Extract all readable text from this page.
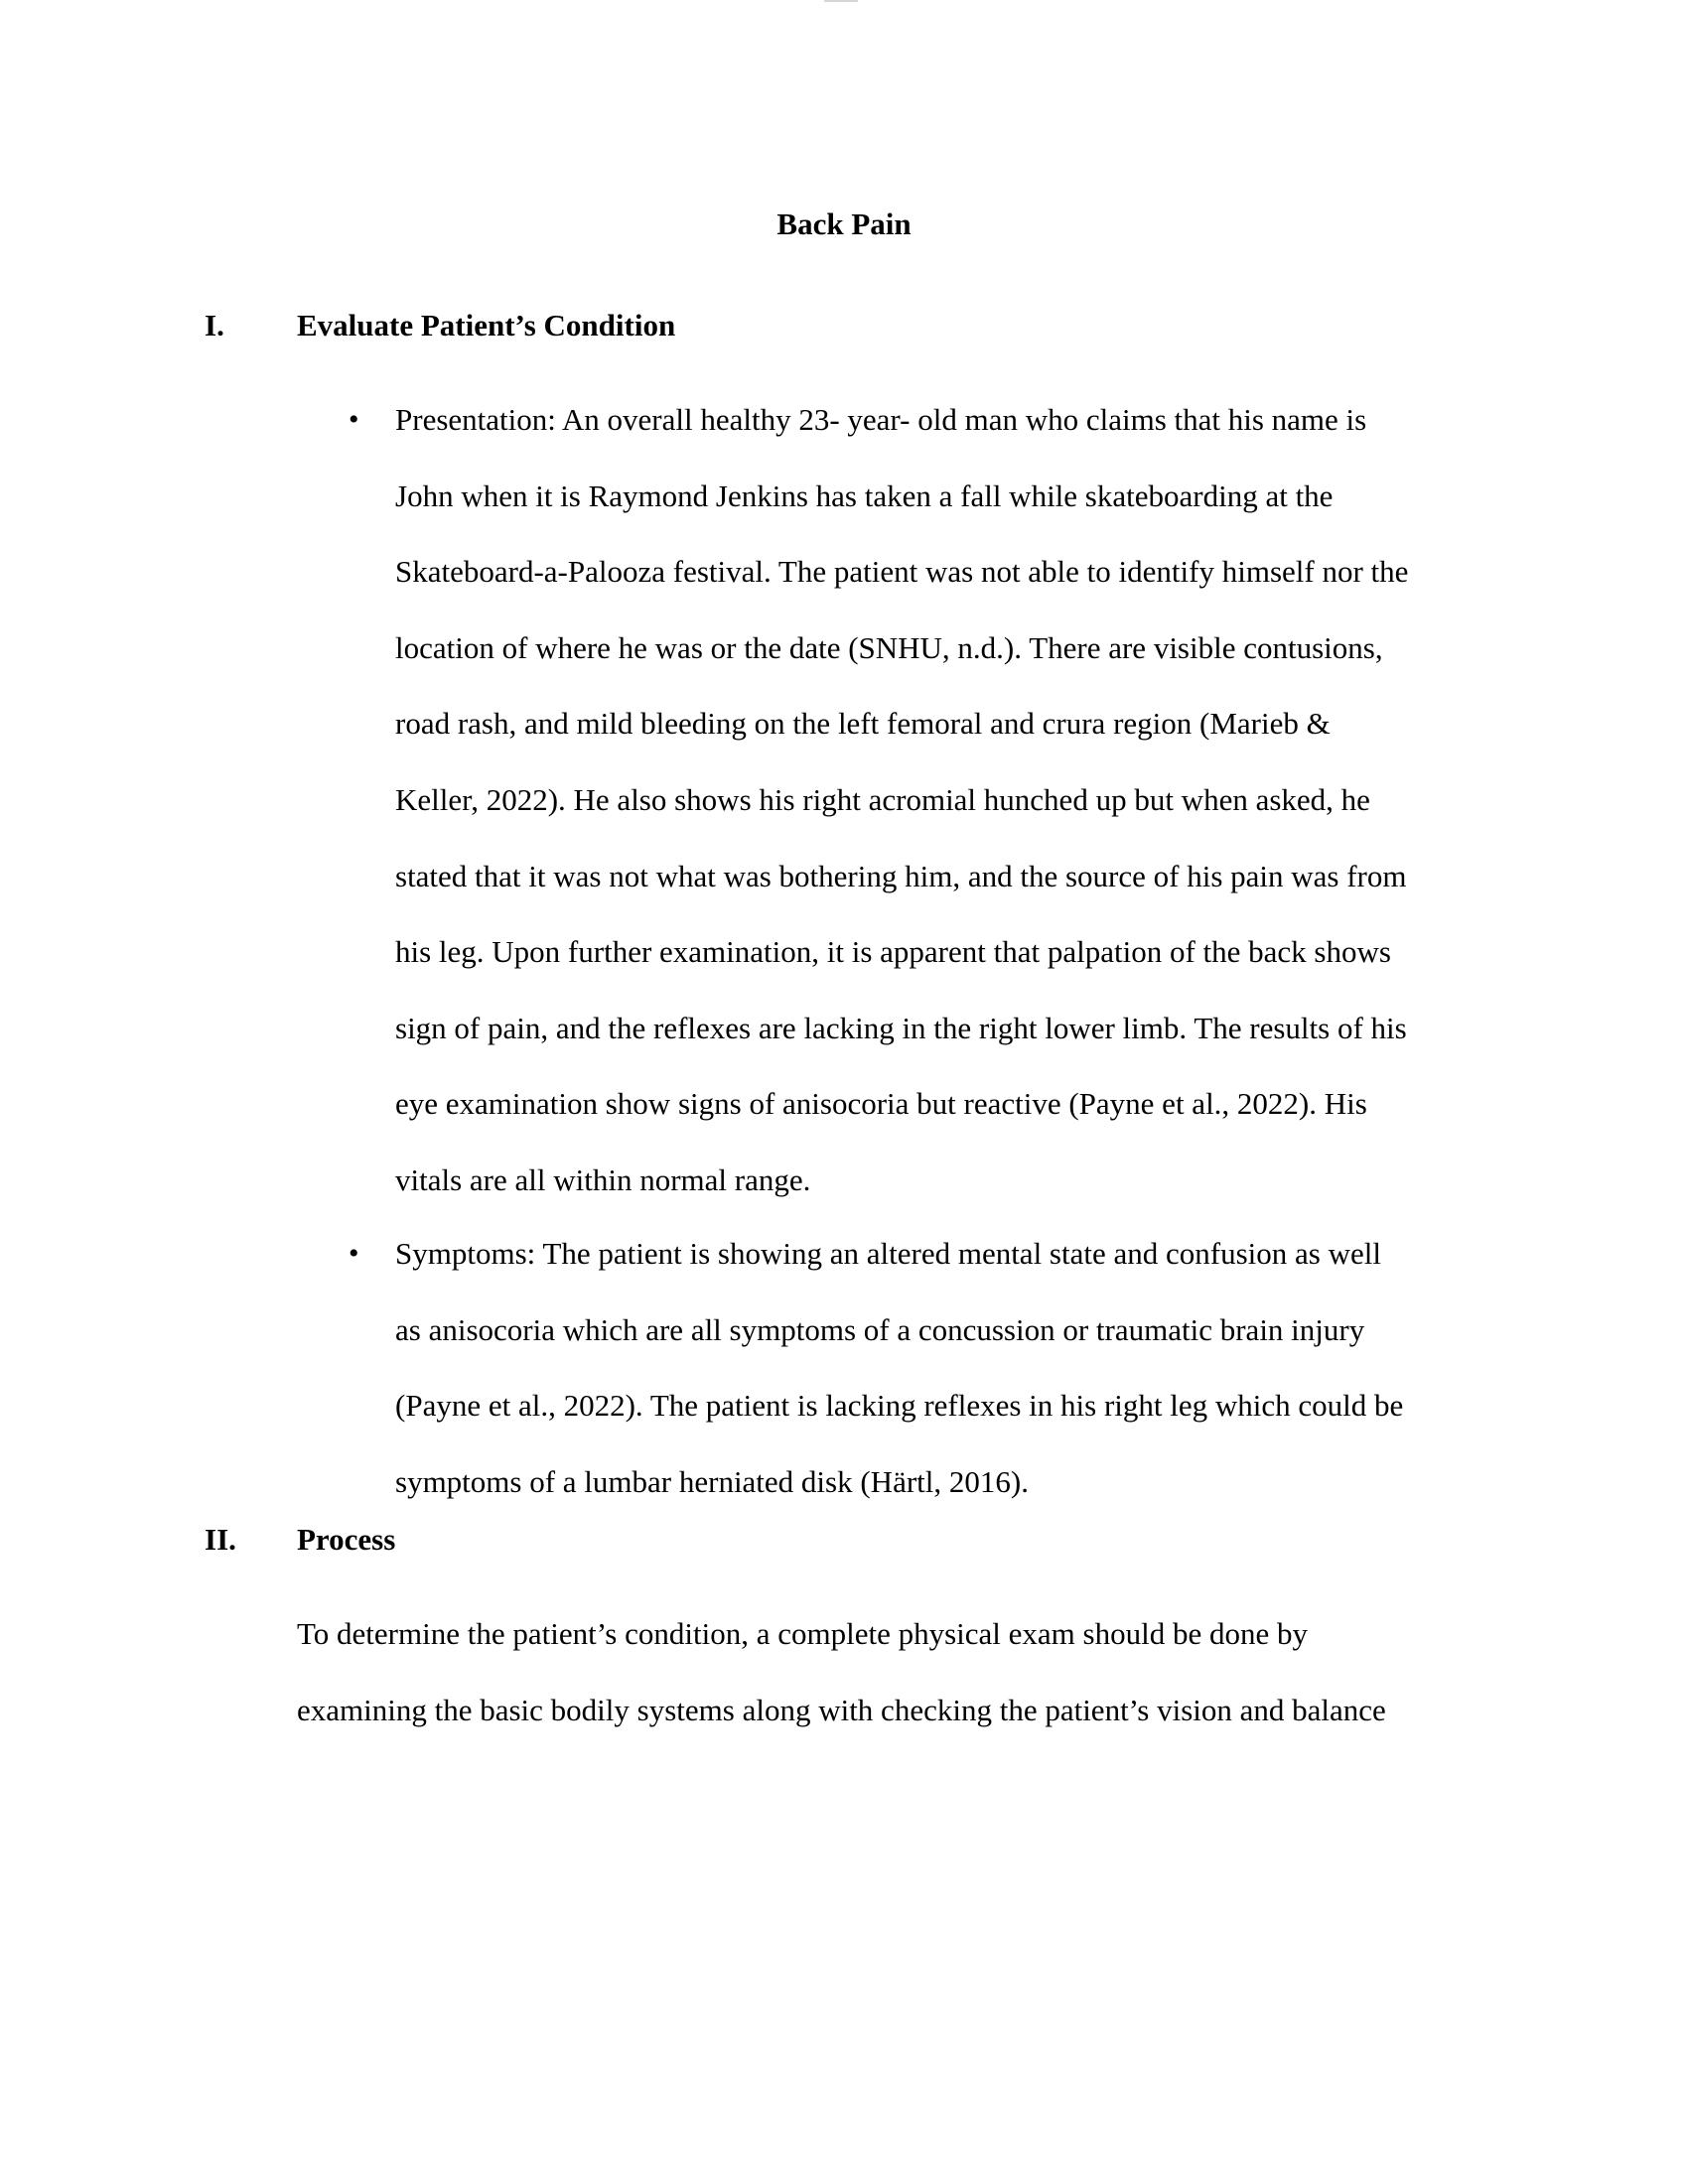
Back Pain
I. Evaluate Patient’s Condition
• Presentation: An overall healthy 23- year- old man who claims that his name is
John when it is Raymond Jenkins has taken a fall while skateboarding at the
Skateboard-a-Palooza festival. The patient was not able to identify himself nor the
location of where he was or the date (SNHU, n.d.). There are visible contusions,
road rash, and mild bleeding on the left femoral and crura region (Marieb &
Keller, 2022). He also shows his right acromial hunched up but when asked, he
stated that it was not what was bothering him, and the source of his pain was from
his leg. Upon further examination, it is apparent that palpation of the back shows
sign of pain, and the reflexes are lacking in the right lower limb. The results of his
eye examination show signs of anisocoria but reactive (Payne et al., 2022). His
vitals are all within normal range.
• Symptoms: The patient is showing an altered mental state and confusion as well
as anisocoria which are all symptoms of a concussion or traumatic brain injury
(Payne et al., 2022). The patient is lacking reflexes in his right leg which could be
symptoms of a lumbar herniated disk (Härtl, 2016).
II. Process
To determine the patient’s condition, a complete physical exam should be done by
examining the basic bodily systems along with checking the patient’s vision and balance
